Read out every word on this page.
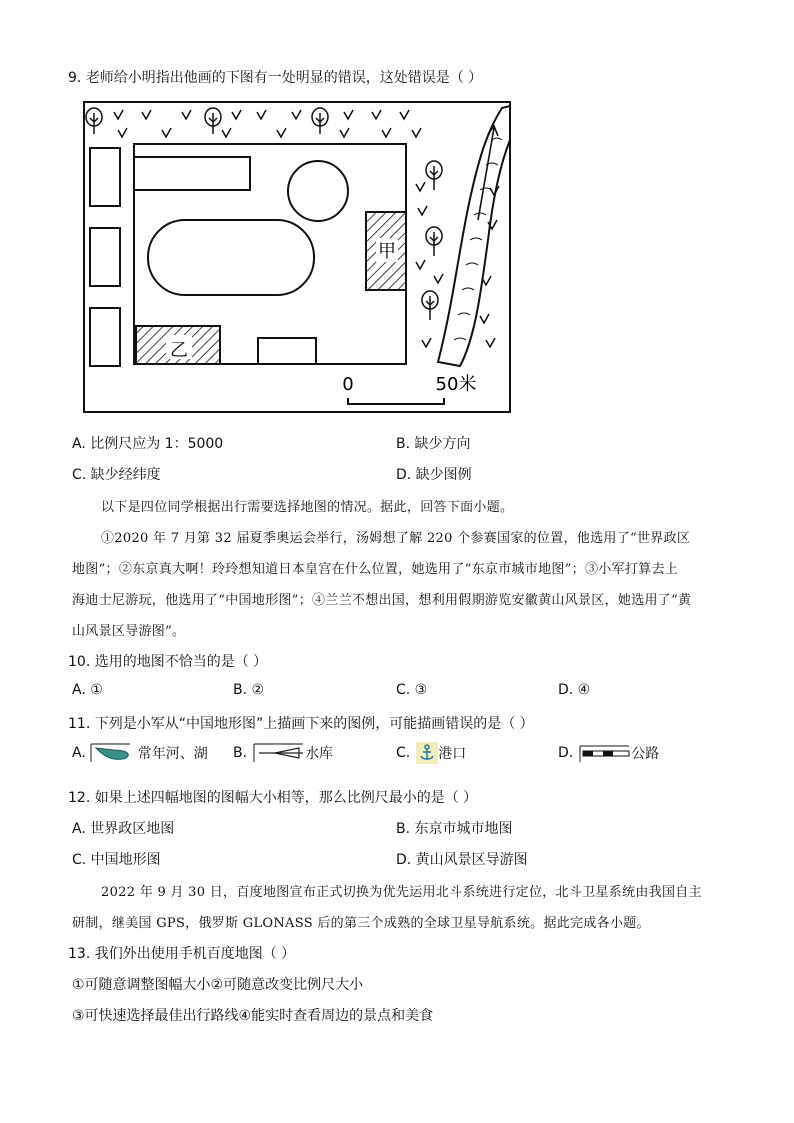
9. 老师给小明指出他画的下图有一处明显的错误，这处错误是（ ）
甲
乙
0	50米
A. 比例尺应为 1：5000	B. 缺少方向
C. 缺少经纬度	D. 缺少图例
以下是四位同学根据出行需要选择地图的情况。据此，回答下面小题。
①2020 年 7 月第 32 届夏季奥运会举行，汤姆想了解 220 个参赛国家的位置，他选用了“世界政区
地图”；②东京真大啊！玲玲想知道日本皇宫在什么位置，她选用了“东京市城市地图”；③小军打算去上
海迪士尼游玩，他选用了“中国地形图”；④兰兰不想出国，想利用假期游览安徽黄山风景区，她选用了“黄
山风景区导游图”。
10. 选用的地图不恰当的是（ ）
A. ①	B. ②	C. ③	D. ④
11. 下列是小军从“中国地形图”上描画下来的图例，可能描画错误的是（ ）
A.	常年河、湖 B.	水库	C. 港口	D.	公路
12. 如果上述四幅地图的图幅大小相等，那么比例尺最小的是（ ）
A. 世界政区地图	B. 东京市城市地图
C. 中国地形图	D. 黄山风景区导游图
2022 年 9 月 30 日，百度地图宣布正式切换为优先运用北斗系统进行定位，北斗卫星系统由我国自主
研制，继美国 GPS，俄罗斯 GLONASS 后的第三个成熟的全球卫星导航系统。据此完成各小题。
13. 我们外出使用手机百度地图（ ）
①可随意调整图幅大小②可随意改变比例尺大小
③可快速选择最佳出行路线④能实时查看周边的景点和美食
